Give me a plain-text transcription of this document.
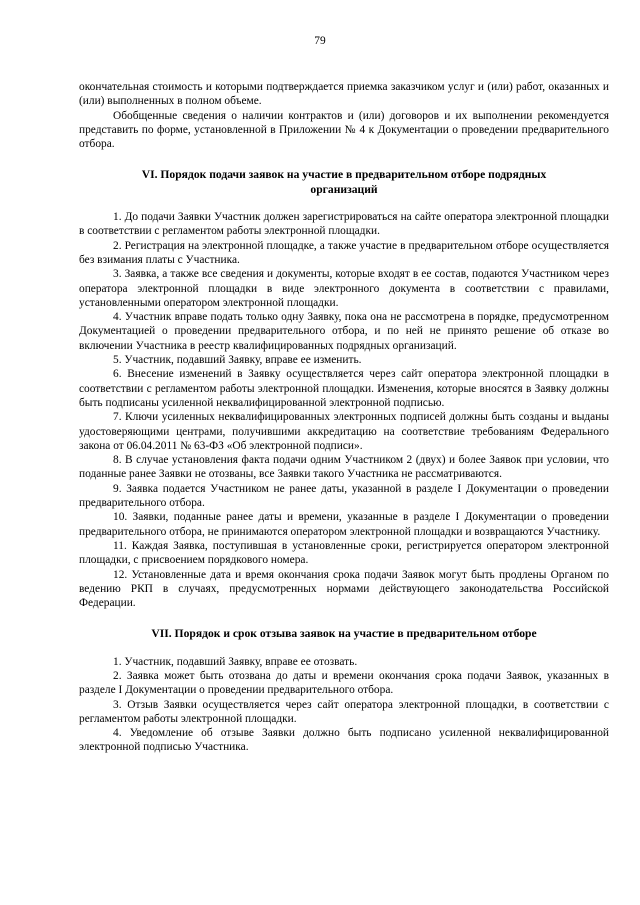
79

окончательная стоимость и которыми подтверждается приемка заказчиком услуг и (или) работ, оказанных и (или) выполненных в полном объеме.

Обобщенные сведения о наличии контрактов и (или) договоров и их выполнении рекомендуется представить по форме, установленной в Приложении № 4 к Документации о проведении предварительного отбора.

VI. Порядок подачи заявок на участие в предварительном отборе подрядных организаций

1. До подачи Заявки Участник должен зарегистрироваться на сайте оператора электронной площадки в соответствии с регламентом работы электронной площадки.

2. Регистрация на электронной площадке, а также участие в предварительном отборе осуществляется без взимания платы с Участника.

3. Заявка, а также все сведения и документы, которые входят в ее состав, подаются Участником через оператора электронной площадки в виде электронного документа в соответствии с правилами, установленными оператором электронной площадки.

4. Участник вправе подать только одну Заявку, пока она не рассмотрена в порядке, предусмотренном Документацией о проведении предварительного отбора, и по ней не принято решение об отказе во включении Участника в реестр квалифицированных подрядных организаций.

5. Участник, подавший Заявку, вправе ее изменить.

6. Внесение изменений в Заявку осуществляется через сайт оператора электронной площадки в соответствии с регламентом работы электронной площадки. Изменения, которые вносятся в Заявку должны быть подписаны усиленной неквалифицированной электронной подписью.

7. Ключи усиленных неквалифицированных электронных подписей должны быть созданы и выданы удостоверяющими центрами, получившими аккредитацию на соответствие требованиям Федерального закона от 06.04.2011 № 63-ФЗ «Об электронной подписи».

8. В случае установления факта подачи одним Участником 2 (двух) и более Заявок при условии, что поданные ранее Заявки не отозваны, все Заявки такого Участника не рассматриваются.

9. Заявка подается Участником не ранее даты, указанной в разделе I Документации о проведении предварительного отбора.

10. Заявки, поданные ранее даты и времени, указанные в разделе I Документации о проведении предварительного отбора, не принимаются оператором электронной площадки и возвращаются Участнику.

11. Каждая Заявка, поступившая в установленные сроки, регистрируется оператором электронной площадки, с присвоением порядкового номера.

12. Установленные дата и время окончания срока подачи Заявок могут быть продлены Органом по ведению РКП в случаях, предусмотренных нормами действующего законодательства Российской Федерации.

VII. Порядок и срок отзыва заявок на участие в предварительном отборе

1. Участник, подавший Заявку, вправе ее отозвать.

2. Заявка может быть отозвана до даты и времени окончания срока подачи Заявок, указанных в разделе I Документации о проведении предварительного отбора.

3. Отзыв Заявки осуществляется через сайт оператора электронной площадки, в соответствии с регламентом работы электронной площадки.

4. Уведомление об отзыве Заявки должно быть подписано усиленной неквалифицированной электронной подписью Участника.
